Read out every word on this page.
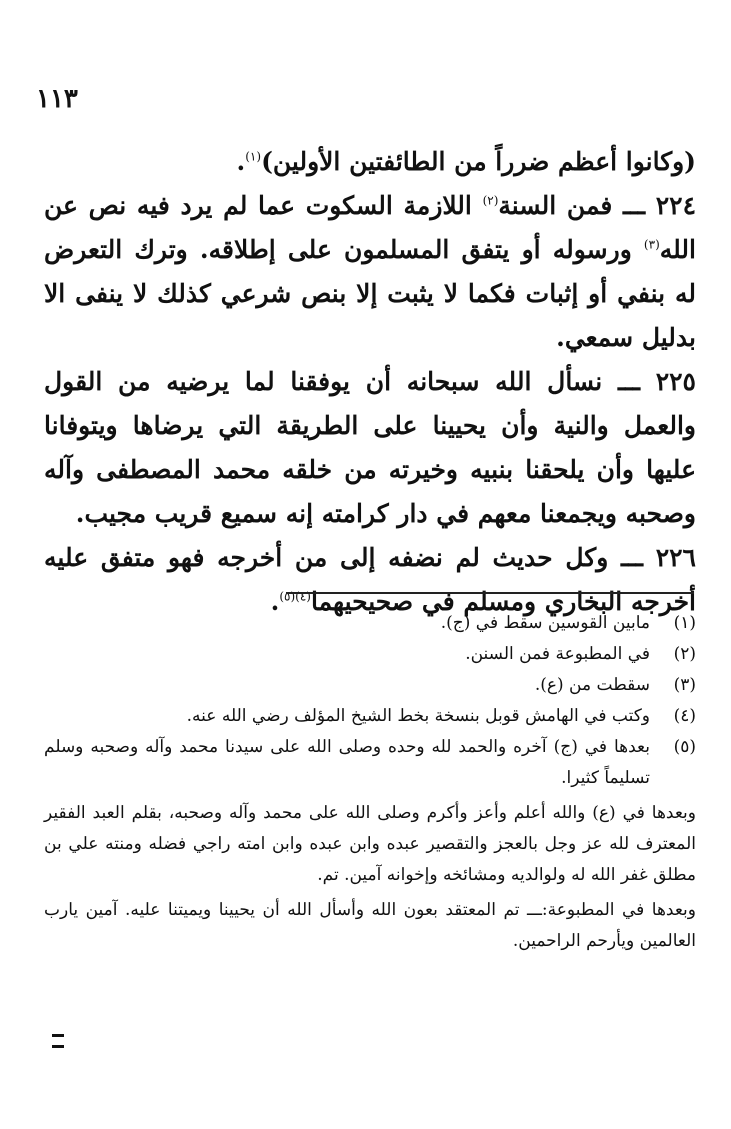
١١٣

(وكانوا أعظم ضرراً من الطائفتين الأولين)$^{(١)}$.

٢٢٤ ـــ فمن السنة$^{(٢)}$ اللازمة السكوت عما لم يرد فيه نص عن الله$^{(٣)}$ ورسوله أو يتفق المسلمون على إطلاقه. وترك التعرض له بنفي أو إثبات فكما لا يثبت إلا بنص شرعي كذلك لا ينفى الا بدليل سمعي.

٢٢٥ ـــ نسأل الله سبحانه أن يوفقنا لما يرضيه من القول والعمل والنية وأن يحيينا على الطريقة التي يرضاها ويتوفانا عليها وأن يلحقنا بنبيه وخيرته من خلقه محمد المصطفى وآله وصحبه ويجمعنا معهم في دار كرامته إنه سميع قريب مجيب.

٢٢٦ ـــ وكل حديث لم نضفه إلى من أخرجه فهو متفق عليه أخرجه البخاري ومسلم في صحيحيهما$^{(٤)(٥)}$.

(١)
مابين القوسين سقط في (ج).
(٢)
في المطبوعة فمن السنن.
(٣)
سقطت من (ع).
(٤)
وكتب في الهامش قوبل بنسخة بخط الشيخ المؤلف رضي الله عنه.
(٥)
بعدها في (ج) آخره والحمد لله وحده وصلى الله على سيدنا محمد وآله وصحبه وسلم تسليماً كثيرا.

وبعدها في (ع) والله أعلم وأعز وأكرم وصلى الله على محمد وآله وصحبه، بقلم العبد الفقير المعترف لله عز وجل بالعجز والتقصير عبده وابن عبده وابن امته راجي فضله ومنته علي بن مطلق غفر الله له ولوالديه ومشائخه وإخوانه آمين. تم.

وبعدها في المطبوعة:ـــ تم المعتقد بعون الله وأسأل الله أن يحيينا ويميتنا عليه. آمين يارب العالمين ويأرحم الراحمين.
